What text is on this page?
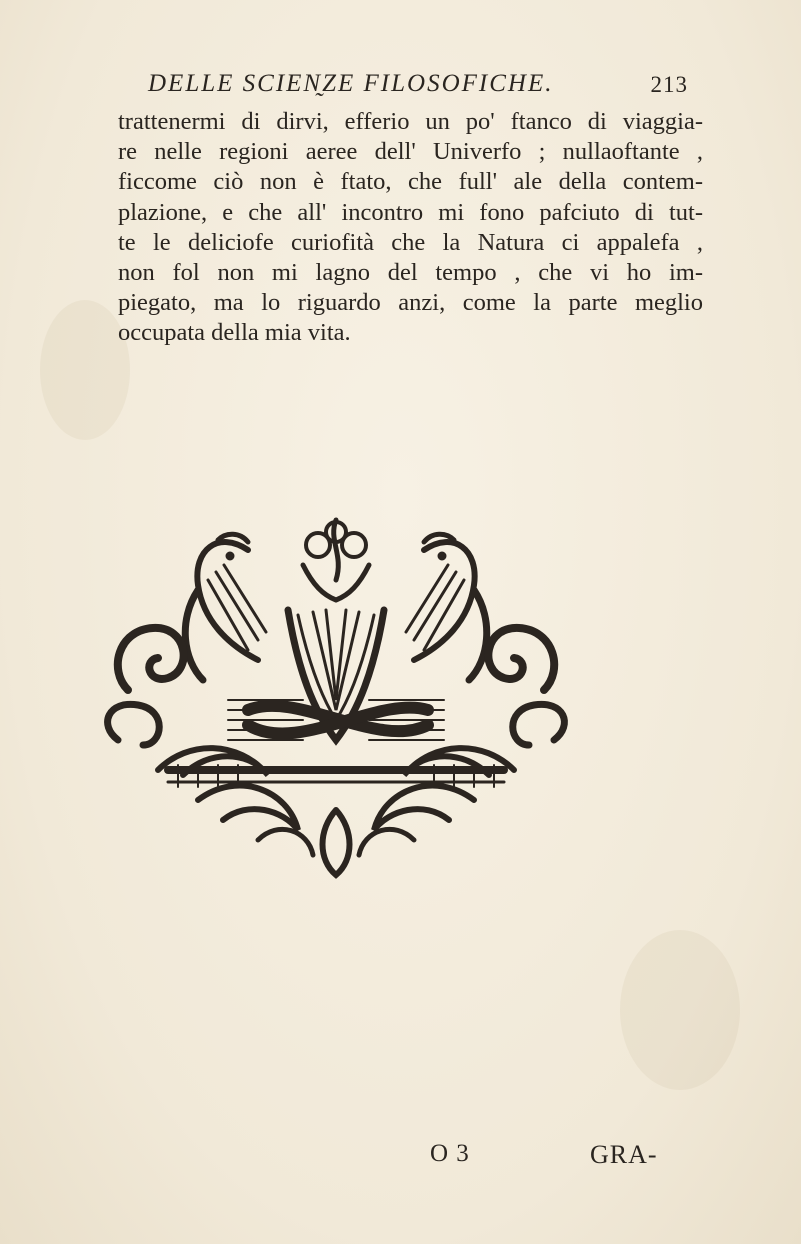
DELLE SCIEN̰ZE FILOSOFICHE.	213
trattenermi di dirvi, efferio un po' ftanco di viaggia-
re nelle regioni aeree dell' Univerfo ; nullaoftante ,
ficcome ciò non è ftato, che full' ale della contem-
plazione, e che all' incontro mi fono pafciuto di tut-
te le deliciofe curiofità che la Natura ci appalefa ,
non fol non mi lagno del tempo , che vi ho im-
piegato, ma lo riguardo anzi, come la parte meglio
occupata della mia vita.
O 3	GRA-
